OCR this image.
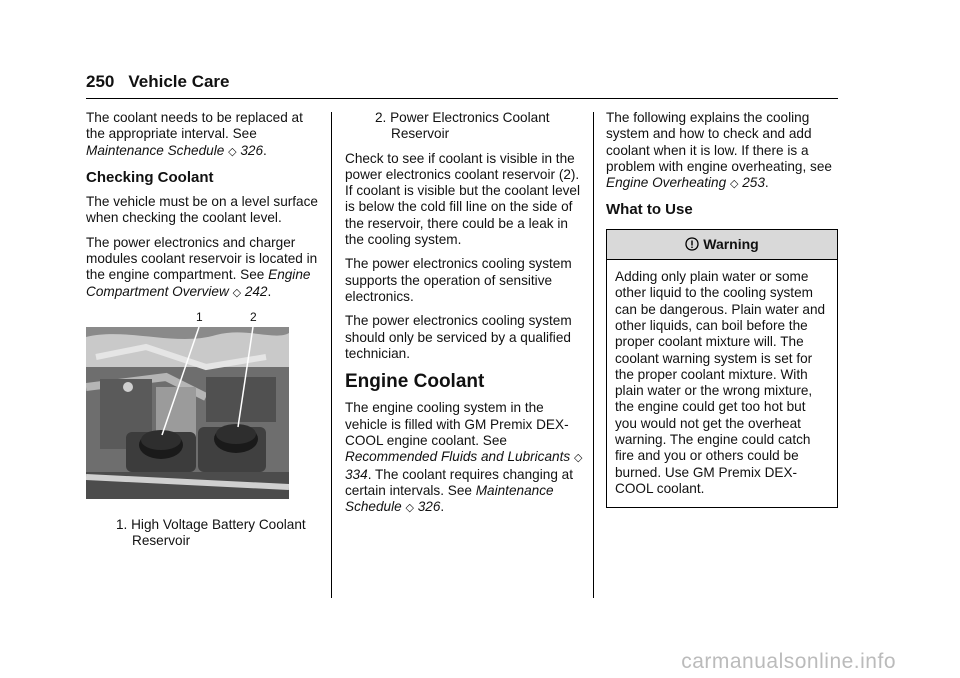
250 Vehicle Care

The coolant needs to be replaced at the appropriate interval. See Maintenance Schedule ◇ 326.

Checking Coolant

The vehicle must be on a level surface when checking the coolant level.

The power electronics and charger modules coolant reservoir is located in the engine compartment. See Engine Compartment Overview ◇ 242.

1	2
1. High Voltage Battery Coolant Reservoir
2. Power Electronics Coolant Reservoir

Check to see if coolant is visible in the power electronics coolant reservoir (2). If coolant is visible but the coolant level is below the cold fill line on the side of the reservoir, there could be a leak in the cooling system.

The power electronics cooling system supports the operation of sensitive electronics.

The power electronics cooling system should only be serviced by a qualified technician.

Engine Coolant

The engine cooling system in the vehicle is filled with GM Premix DEX-COOL engine coolant. See Recommended Fluids and Lubricants ◇ 334. The coolant requires changing at certain intervals. See Maintenance Schedule ◇ 326.

The following explains the cooling system and how to check and add coolant when it is low. If there is a problem with engine overheating, see Engine Overheating ◇ 253.

What to Use
Warning
Adding only plain water or some other liquid to the cooling system can be dangerous. Plain water and other liquids, can boil before the proper coolant mixture will. The coolant warning system is set for the proper coolant mixture. With plain water or the wrong mixture, the engine could get too hot but you would not get the overheat warning. The engine could catch fire and you or others could be burned. Use GM Premix DEX-COOL coolant.
carmanualsonline.info
